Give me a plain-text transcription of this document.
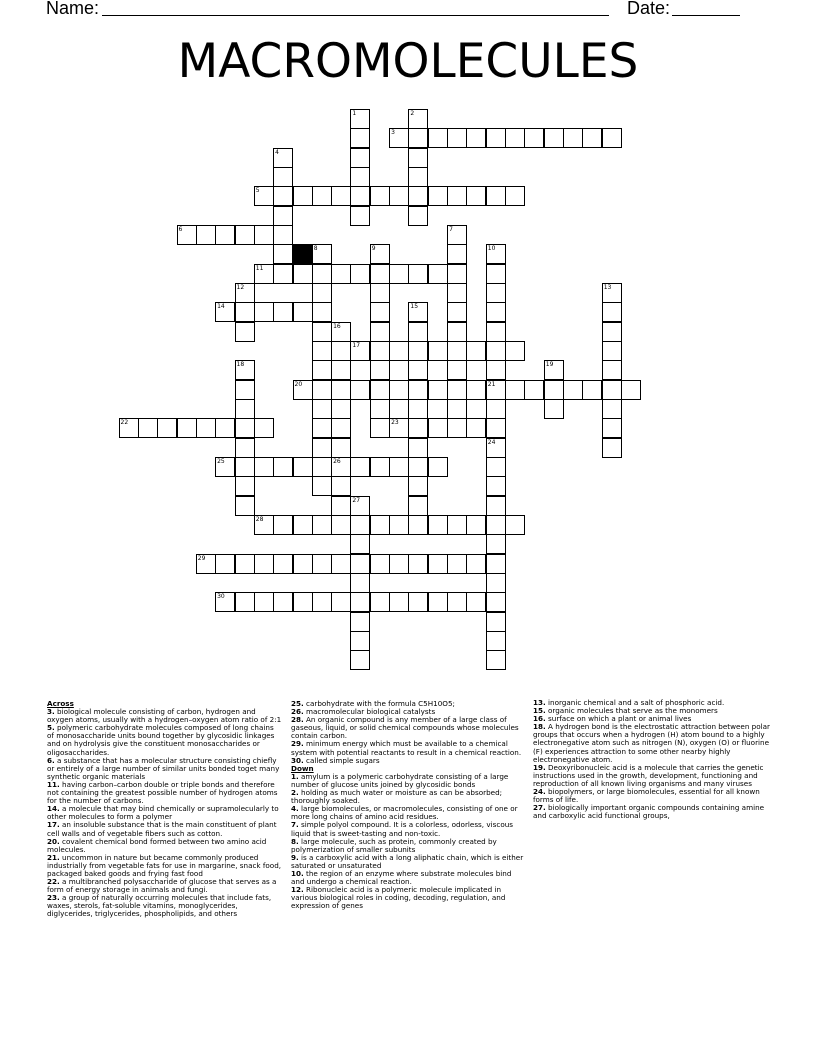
Name:	Date:
MACROMOLECULES
1	2
3
4
5
6	7
8	9	10
11
12	13
14	15
16
17
18	19
20	21
22	23
24
25	26
27
28
29
30
Across
3. biological molecule consisting of carbon, hydrogen and oxygen atoms, usually with a hydrogen–oxygen atom ratio of 2:1
5. polymeric carbohydrate molecules composed of long chains of monosaccharide units bound together by glycosidic linkages and on hydrolysis give the constituent monosaccharides or oligosaccharides.
6. a substance that has a molecular structure consisting chiefly or entirely of a large number of similar units bonded toget many synthetic organic materials
11. having carbon–carbon double or triple bonds and therefore not containing the greatest possible number of hydrogen atoms for the number of carbons.
14. a molecule that may bind chemically or supramolecularly to other molecules to form a polymer
17. an insoluble substance that is the main constituent of plant cell walls and of vegetable fibers such as cotton.
20. covalent chemical bond formed between two amino acid molecules.
21. uncommon in nature but became commonly produced industrially from vegetable fats for use in margarine, snack food, packaged baked goods and frying fast food
22. a multibranched polysaccharide of glucose that serves as a form of energy storage in animals and fungi.
23. a group of naturally occurring molecules that include fats, waxes, sterols, fat-soluble vitamins, monoglycerides, diglycerides, triglycerides, phospholipids, and others
25. carbohydrate with the formula C5H10O5;
26. macromolecular biological catalysts
28. An organic compound is any member of a large class of gaseous, liquid, or solid chemical compounds whose molecules contain carbon.
29. minimum energy which must be available to a chemical system with potential reactants to result in a chemical reaction.
30. called simple sugars
Down
1. amylum is a polymeric carbohydrate consisting of a large number of glucose units joined by glycosidic bonds
2. holding as much water or moisture as can be absorbed; thoroughly soaked.
4. large biomolecules, or macromolecules, consisting of one or more long chains of amino acid residues.
7. simple polyol compound. It is a colorless, odorless, viscous liquid that is sweet-tasting and non-toxic.
8. large molecule, such as protein, commonly created by polymerization of smaller subunits
9. is a carboxylic acid with a long aliphatic chain, which is either saturated or unsaturated
10. the region of an enzyme where substrate molecules bind and undergo a chemical reaction.
12. Ribonucleic acid is a polymeric molecule implicated in various biological roles in coding, decoding, regulation, and expression of genes
13. inorganic chemical and a salt of phosphoric acid.
15. organic molecules that serve as the monomers
16. surface on which a plant or animal lives
18. A hydrogen bond is the electrostatic attraction between polar groups that occurs when a hydrogen (H) atom bound to a highly electronegative atom such as nitrogen (N), oxygen (O) or fluorine (F) experiences attraction to some other nearby highly electronegative atom.
19. Deoxyribonucleic acid is a molecule that carries the genetic instructions used in the growth, development, functioning and reproduction of all known living organisms and many viruses
24. biopolymers, or large biomolecules, essential for all known forms of life.
27. biologically important organic compounds containing amine and carboxylic acid functional groups,
